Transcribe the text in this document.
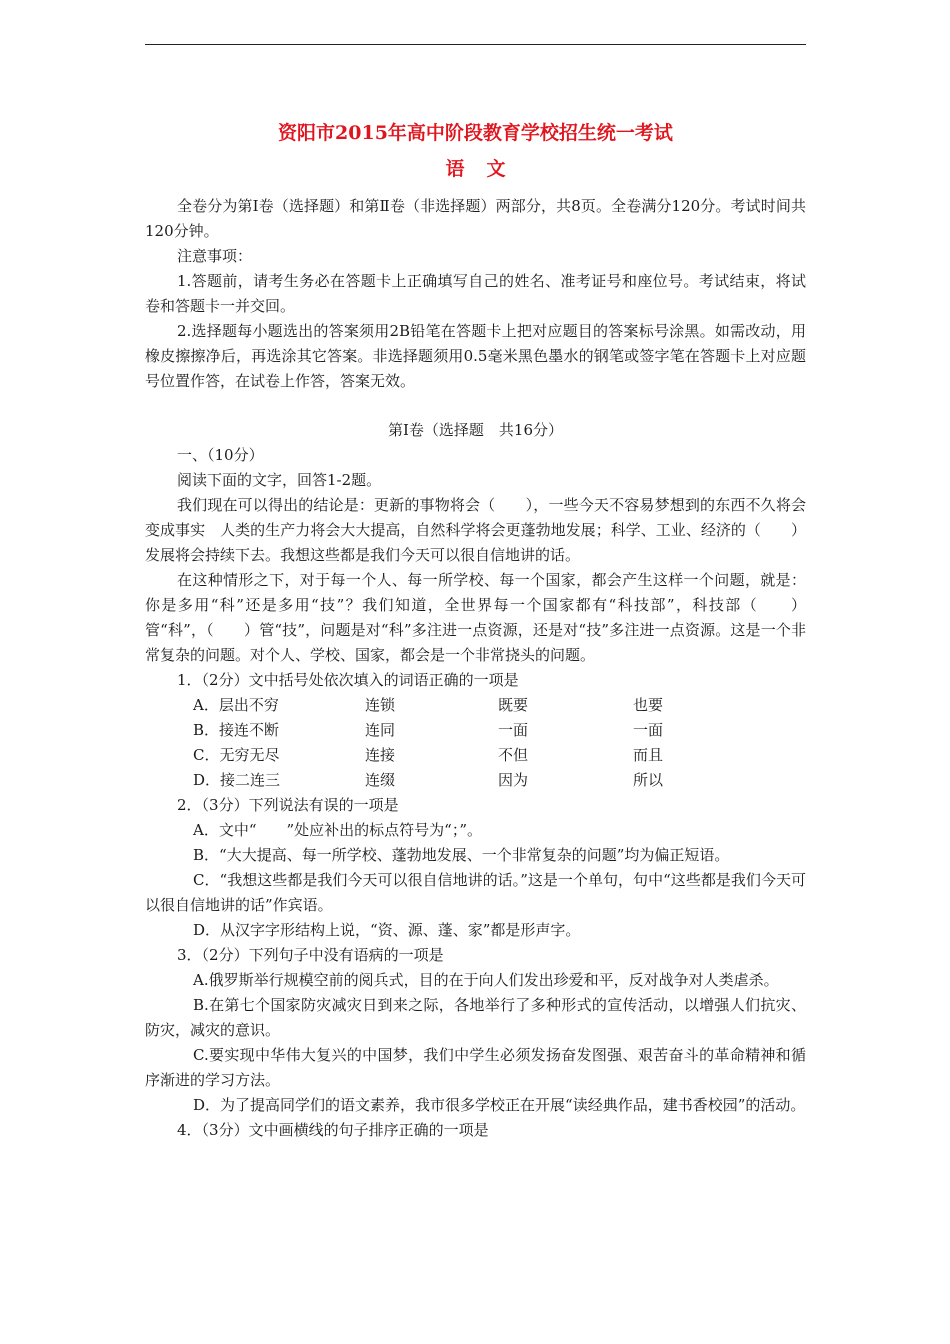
资阳市2015年高中阶段教育学校招生统一考试
语文

全卷分为第Ⅰ卷（选择题）和第Ⅱ卷（非选择题）两部分，共8页。全卷满分120分。考试时间共120分钟。

注意事项：

1.答题前，请考生务必在答题卡上正确填写自己的姓名、准考证号和座位号。考试结束，将试卷和答题卡一并交回。

2.选择题每小题选出的答案须用2B铅笔在答题卡上把对应题目的答案标号涂黑。如需改动，用橡皮擦擦净后，再选涂其它答案。非选择题须用0.5毫米黑色墨水的钢笔或签字笔在答题卡上对应题号位置作答，在试卷上作答，答案无效。

第Ⅰ卷（选择题　共16分）

一、（10分）

阅读下面的文字，回答1-2题。

我们现在可以得出的结论是：更新的事物将会（　　），一些今天不容易梦想到的东西不久将会变成事实　人类的生产力将会大大提高，自然科学将会更蓬勃地发展；科学、工业、经济的（　　）发展将会持续下去。我想这些都是我们今天可以很自信地讲的话。

在这种情形之下，对于每一个人、每一所学校、每一个国家，都会产生这样一个问题，就是：你是多用“科”还是多用“技”？我们知道，全世界每一个国家都有“科技部”，科技部（　　）管“科”，（　　）管“技”，问题是对“科”多注进一点资源，还是对“技”多注进一点资源。这是一个非常复杂的问题。对个人、学校、国家，都会是一个非常挠头的问题。

1．（2分）文中括号处依次填入的词语正确的一项是

A．层出不穷	连锁	既要	也要
B．接连不断	连同	一面	一面
C．无穷无尽	连接	不但	而且
D．接二连三	连缀	因为	所以

2．（3分）下列说法有误的一项是

A．文中“　　”处应补出的标点符号为“；”。

B．“大大提高、每一所学校、蓬勃地发展、一个非常复杂的问题”均为偏正短语。

C．“我想这些都是我们今天可以很自信地讲的话。”这是一个单句，句中“这些都是我们今天可以很自信地讲的话”作宾语。

D．从汉字字形结构上说，“资、源、蓬、家”都是形声字。

3．（2分）下列句子中没有语病的一项是

A.俄罗斯举行规模空前的阅兵式，目的在于向人们发出珍爱和平，反对战争对人类虐杀。

B.在第七个国家防灾减灾日到来之际，各地举行了多种形式的宣传活动，以增强人们抗灾、防灾，减灾的意识。

C.要实现中华伟大复兴的中国梦，我们中学生必须发扬奋发图强、艰苦奋斗的革命精神和循序渐进的学习方法。

D．为了提高同学们的语文素养，我市很多学校正在开展“读经典作品，建书香校园”的活动。

4．（3分）文中画横线的句子排序正确的一项是
